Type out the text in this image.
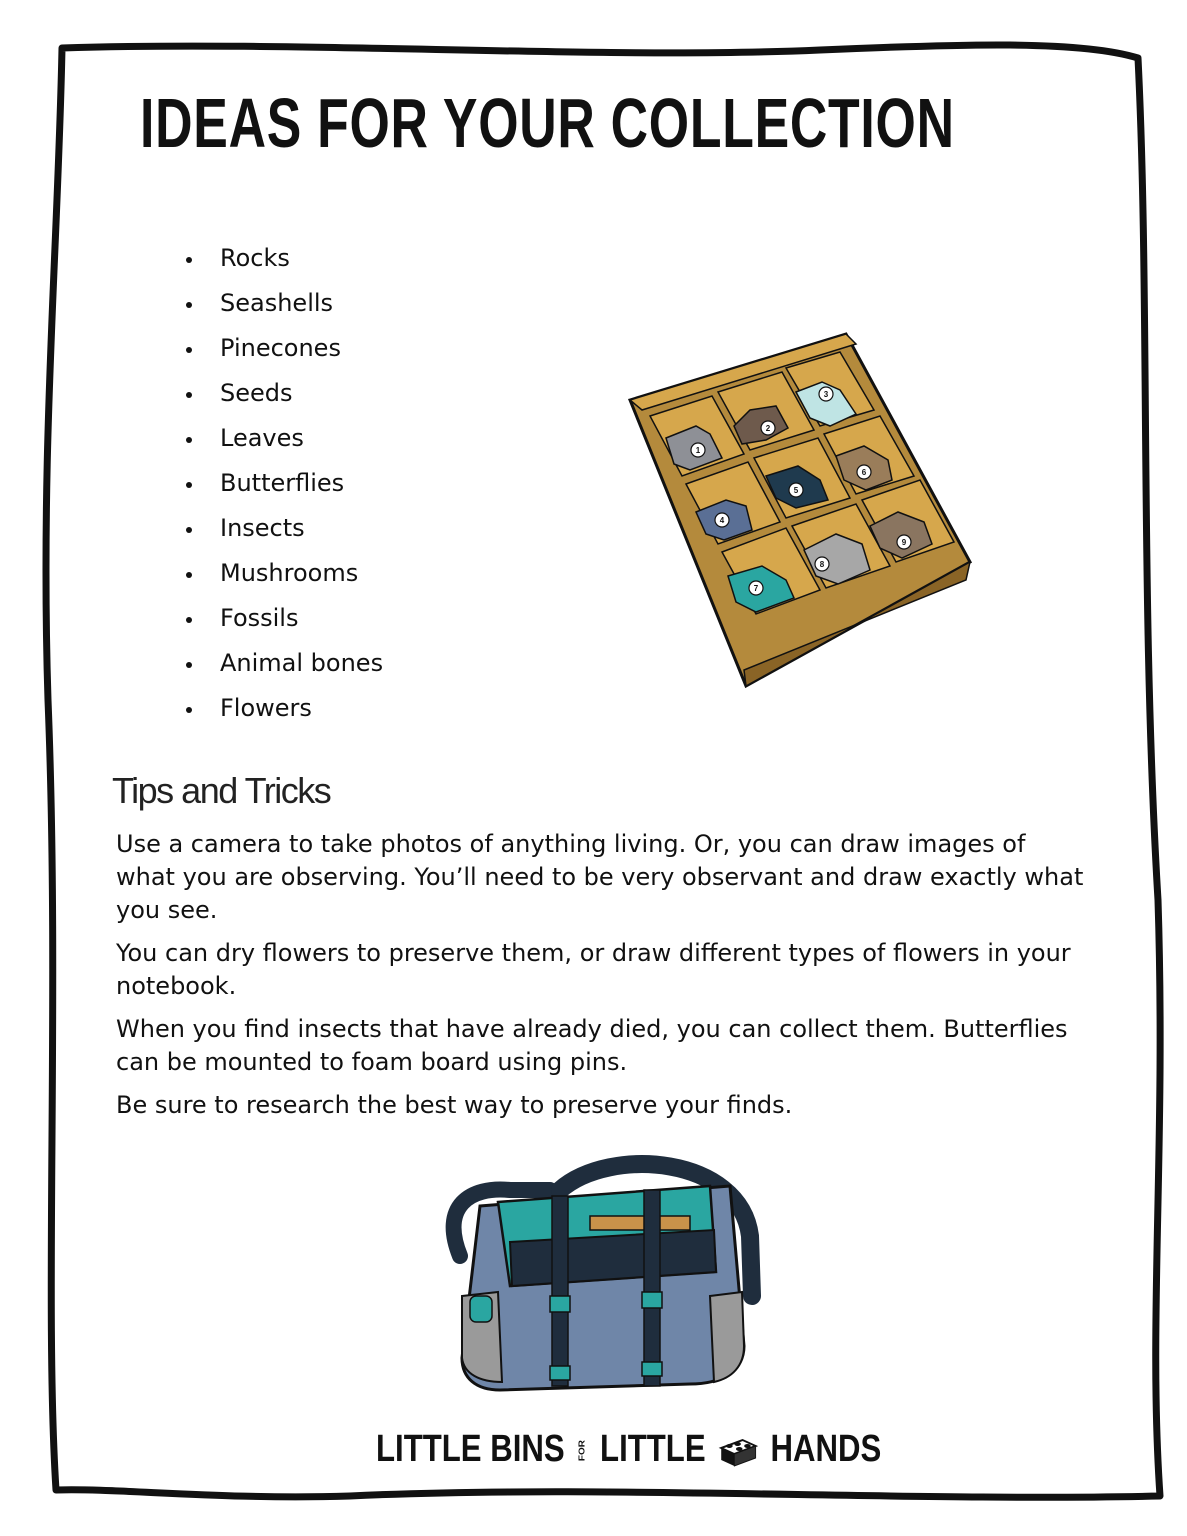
IDEAS FOR YOUR COLLECTION
Rocks
Seashells
Pinecones
Seeds
Leaves
Butterflies
Insects
Mushrooms
Fossils
Animal bones
Flowers
1
2
3
4
5
6
7
8
9
Tips and Tricks

Use a camera to take photos of anything living. Or, you can draw images of what you are observing. You’ll need to be very observant and draw exactly what you see.

You can dry flowers to preserve them, or draw different types of flowers in your notebook.

When you find insects that have already died, you can collect them. Butterflies can be mounted to foam board using pins.

Be sure to research the best way to preserve your finds.

LITTLE BINS FOR LITTLE HANDS
